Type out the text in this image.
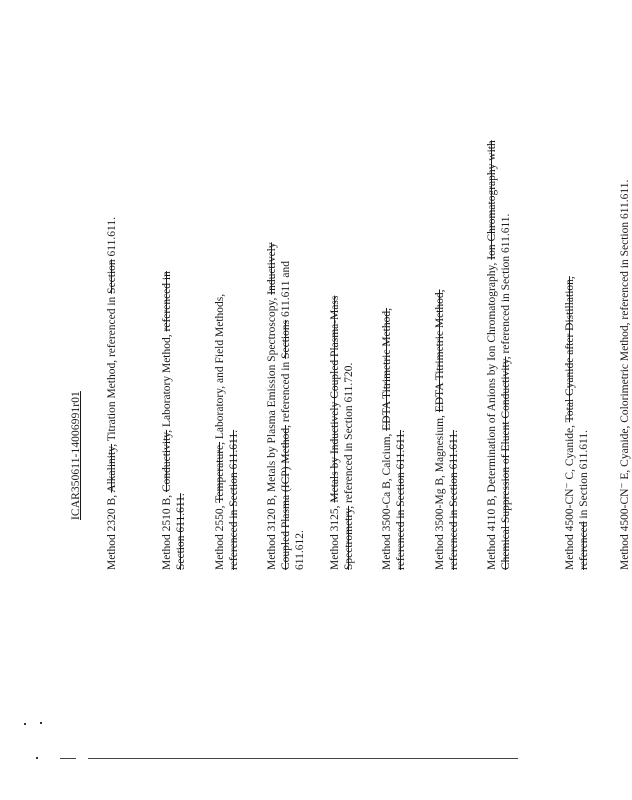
ICAR350611-14006991r01
Method 2320 B, Alkalinity, Titration Method, referenced in Section 611.611.
Method 2510 B, Conductivity, Laboratory Method, referenced in Section 611.611. Method 2550, Temperature, Laboratory, and Field Methods, referenced in Section 611.611. Method 3120 B, Metals by Plasma Emission Spectroscopy, Inductively Coupled Plasma (ICP) Method, referenced in Sections 611.611 and 611.612. Method 3125, Metals by Inductively Coupled Plasma-Mass Spectrometry, referenced in Section 611.720. Method 3500-Ca B, Calcium, EDTA Titrimetric Method, referenced in Section 611.611. Method 3500-Mg B, Magnesium, EDTA Titrimetric Method, referenced in Section 611.611. Method 4110 B, Determination of Anions by Ion Chromatography, Ion Chromatography with Chemical Suppression of Eluent Conductivity, referenced in Section 611.611.
Method 4500-CN⁻ C, Cyanide, Total Cyanide after Distillation, referenced in Section 611.611.	Method 4500-CN⁻ E, Cyanide, Colorimetric Method, referenced in Section 611.611.
